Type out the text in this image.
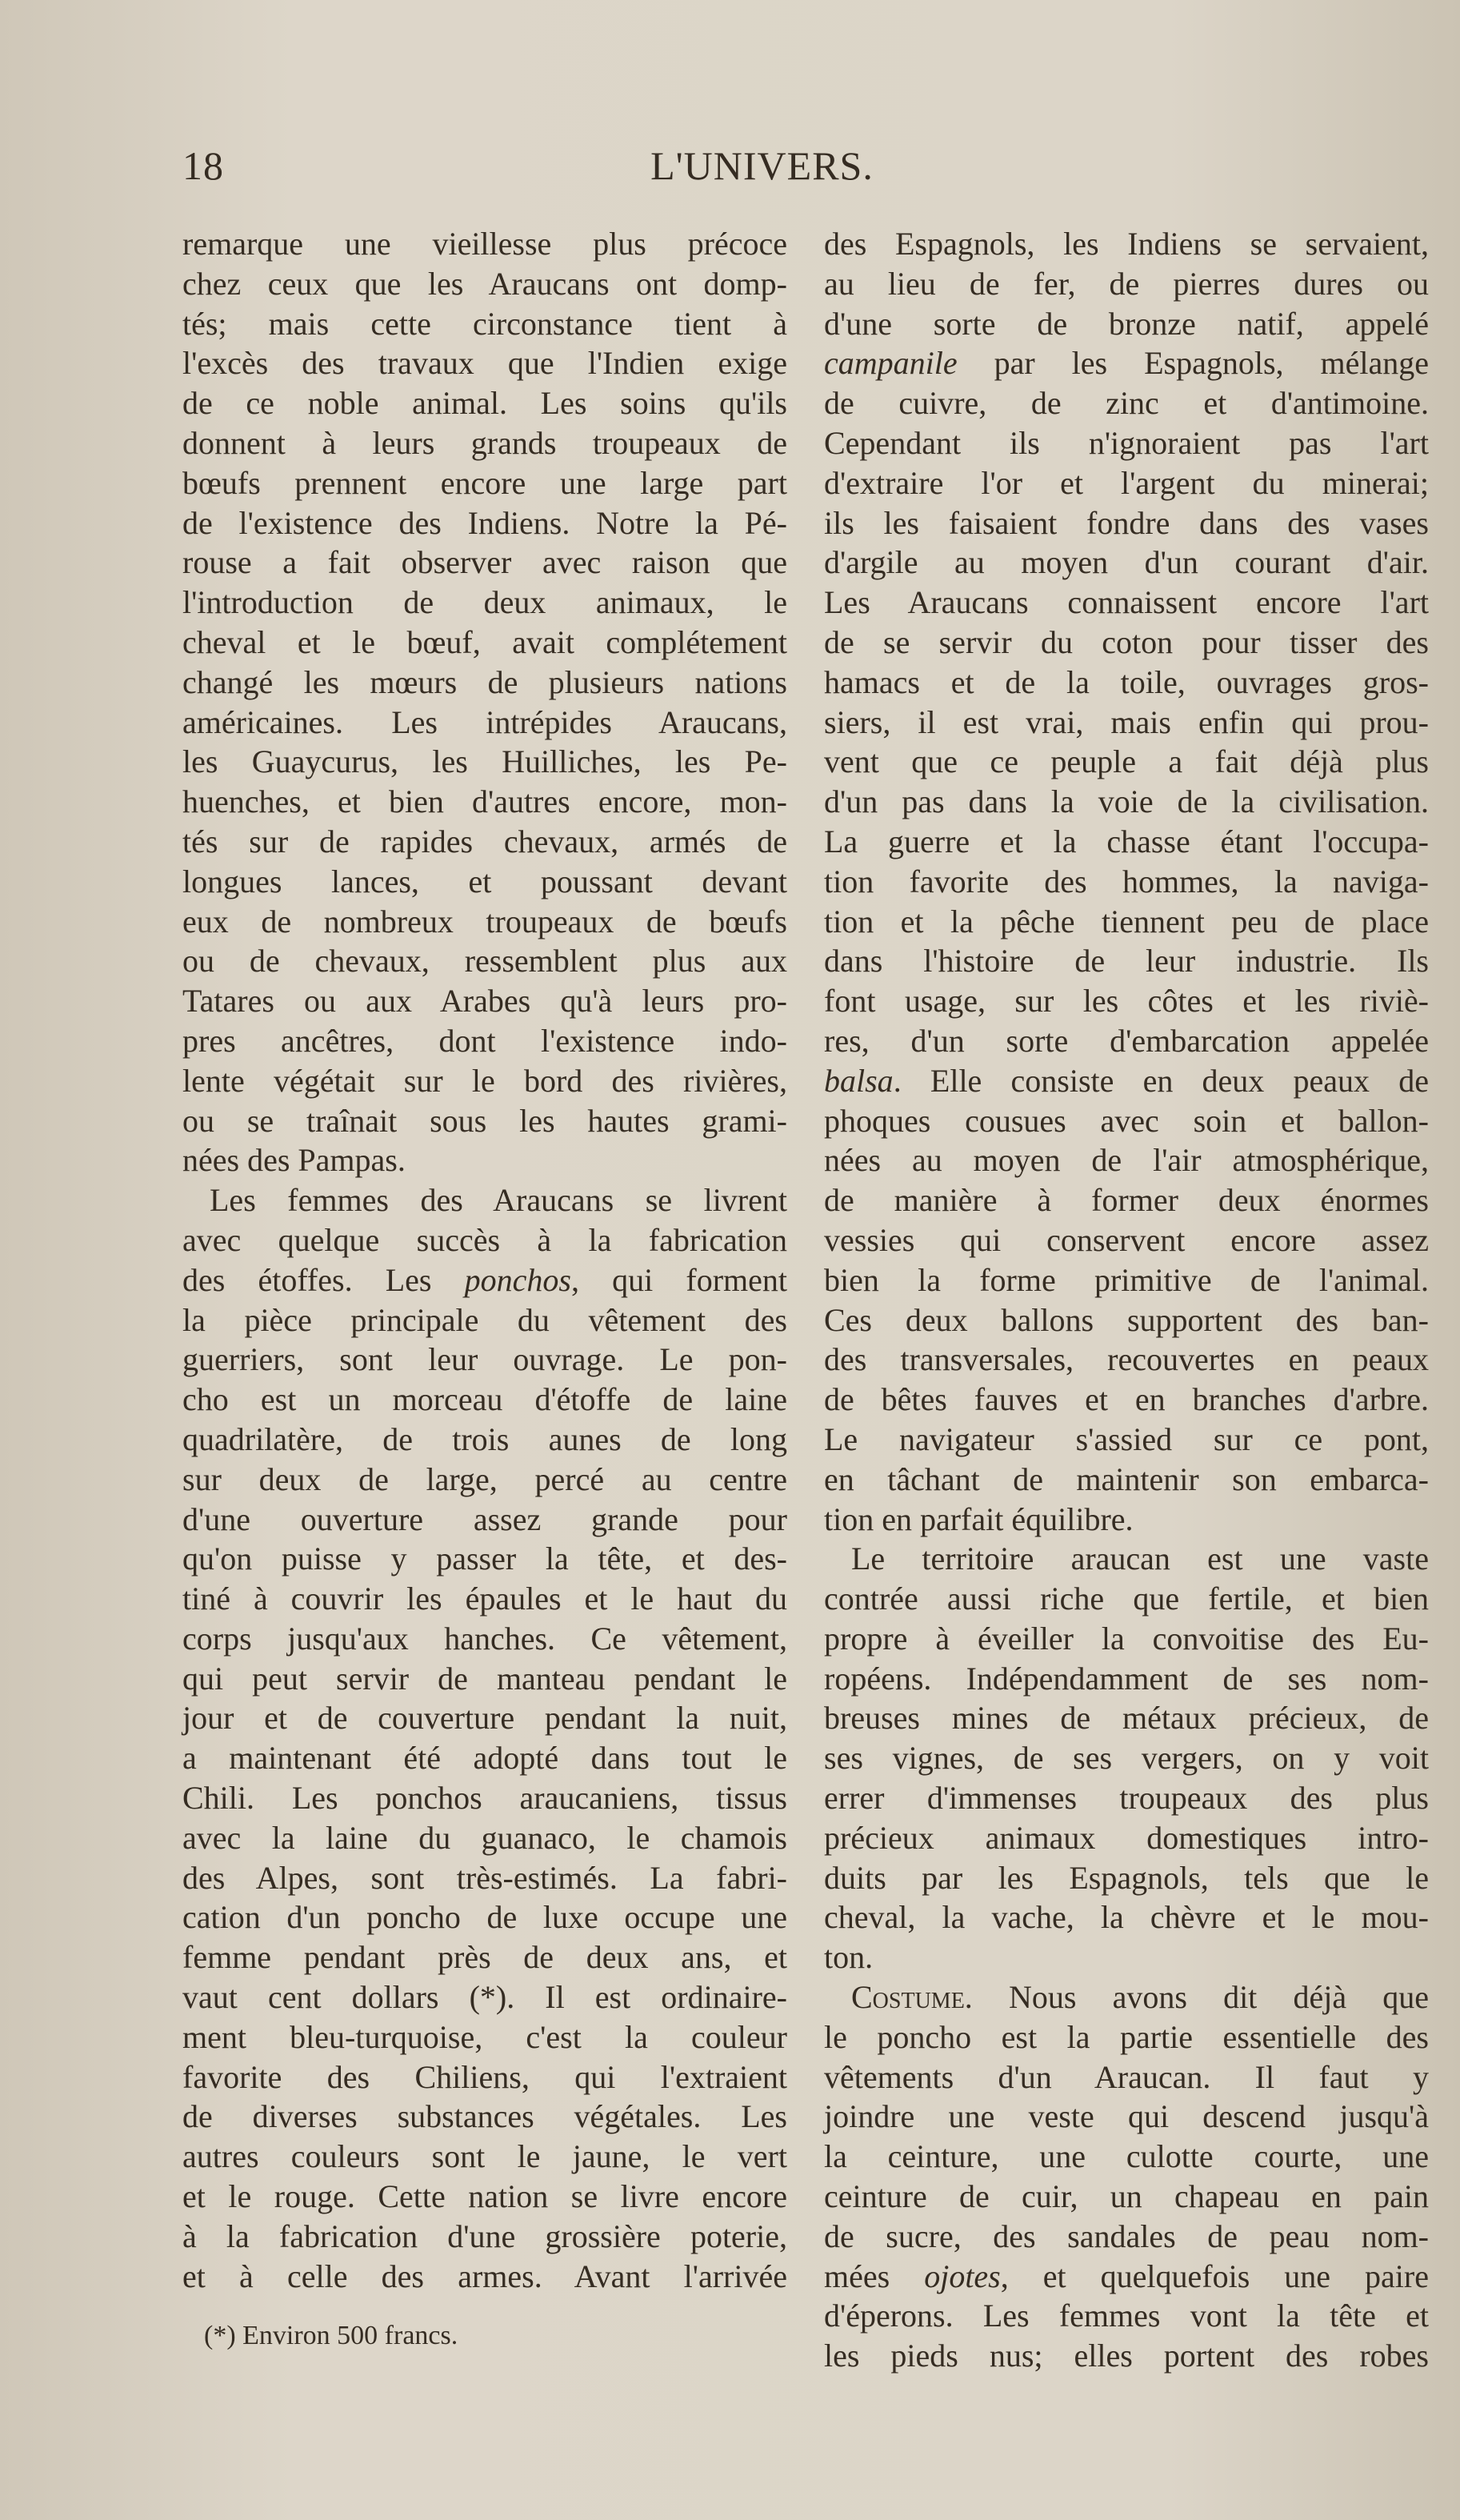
18	L'UNIVERS.
remarque une vieillesse plus précoce
chez ceux que les Araucans ont domp-
tés; mais cette circonstance tient à
l'excès des travaux que l'Indien exige
de ce noble animal. Les soins qu'ils
donnent à leurs grands troupeaux de
bœufs prennent encore une large part
de l'existence des Indiens. Notre la Pé-
rouse a fait observer avec raison que
l'introduction de deux animaux, le
cheval et le bœuf, avait complétement
changé les mœurs de plusieurs nations
américaines. Les intrépides Araucans,
les Guaycurus, les Huilliches, les Pe-
huenches, et bien d'autres encore, mon-
tés sur de rapides chevaux, armés de
longues lances, et poussant devant
eux de nombreux troupeaux de bœufs
ou de chevaux, ressemblent plus aux
Tatares ou aux Arabes qu'à leurs pro-
pres ancêtres, dont l'existence indo-
lente végétait sur le bord des rivières,
ou se traînait sous les hautes grami-
nées des Pampas.
Les femmes des Araucans se livrent
avec quelque succès à la fabrication
des étoffes. Les ponchos, qui forment
la pièce principale du vêtement des
guerriers, sont leur ouvrage. Le pon-
cho est un morceau d'étoffe de laine
quadrilatère, de trois aunes de long
sur deux de large, percé au centre
d'une ouverture assez grande pour
qu'on puisse y passer la tête, et des-
tiné à couvrir les épaules et le haut du
corps jusqu'aux hanches. Ce vêtement,
qui peut servir de manteau pendant le
jour et de couverture pendant la nuit,
a maintenant été adopté dans tout le
Chili. Les ponchos araucaniens, tissus
avec la laine du guanaco, le chamois
des Alpes, sont très-estimés. La fabri-
cation d'un poncho de luxe occupe une
femme pendant près de deux ans, et
vaut cent dollars (*). Il est ordinaire-
ment bleu-turquoise, c'est la couleur
favorite des Chiliens, qui l'extraient
de diverses substances végétales. Les
autres couleurs sont le jaune, le vert
et le rouge. Cette nation se livre encore
à la fabrication d'une grossière poterie,
et à celle des armes. Avant l'arrivée
des Espagnols, les Indiens se servaient,
au lieu de fer, de pierres dures ou
d'une sorte de bronze natif, appelé
campanile par les Espagnols, mélange
de cuivre, de zinc et d'antimoine.
Cependant ils n'ignoraient pas l'art
d'extraire l'or et l'argent du minerai;
ils les faisaient fondre dans des vases
d'argile au moyen d'un courant d'air.
Les Araucans connaissent encore l'art
de se servir du coton pour tisser des
hamacs et de la toile, ouvrages gros-
siers, il est vrai, mais enfin qui prou-
vent que ce peuple a fait déjà plus
d'un pas dans la voie de la civilisation.
La guerre et la chasse étant l'occupa-
tion favorite des hommes, la naviga-
tion et la pêche tiennent peu de place
dans l'histoire de leur industrie. Ils
font usage, sur les côtes et les riviè-
res, d'un sorte d'embarcation appelée
balsa. Elle consiste en deux peaux de
phoques cousues avec soin et ballon-
nées au moyen de l'air atmosphérique,
de manière à former deux énormes
vessies qui conservent encore assez
bien la forme primitive de l'animal.
Ces deux ballons supportent des ban-
des transversales, recouvertes en peaux
de bêtes fauves et en branches d'arbre.
Le navigateur s'assied sur ce pont,
en tâchant de maintenir son embarca-
tion en parfait équilibre.
Le territoire araucan est une vaste
contrée aussi riche que fertile, et bien
propre à éveiller la convoitise des Eu-
ropéens. Indépendamment de ses nom-
breuses mines de métaux précieux, de
ses vignes, de ses vergers, on y voit
errer d'immenses troupeaux des plus
précieux animaux domestiques intro-
duits par les Espagnols, tels que le
cheval, la vache, la chèvre et le mou-
ton.
Costume. Nous avons dit déjà que
le poncho est la partie essentielle des
vêtements d'un Araucan. Il faut y
joindre une veste qui descend jusqu'à
la ceinture, une culotte courte, une
ceinture de cuir, un chapeau en pain
de sucre, des sandales de peau nom-
mées ojotes, et quelquefois une paire
d'éperons. Les femmes vont la tête et
les pieds nus; elles portent des robes
(*) Environ 500 francs.
